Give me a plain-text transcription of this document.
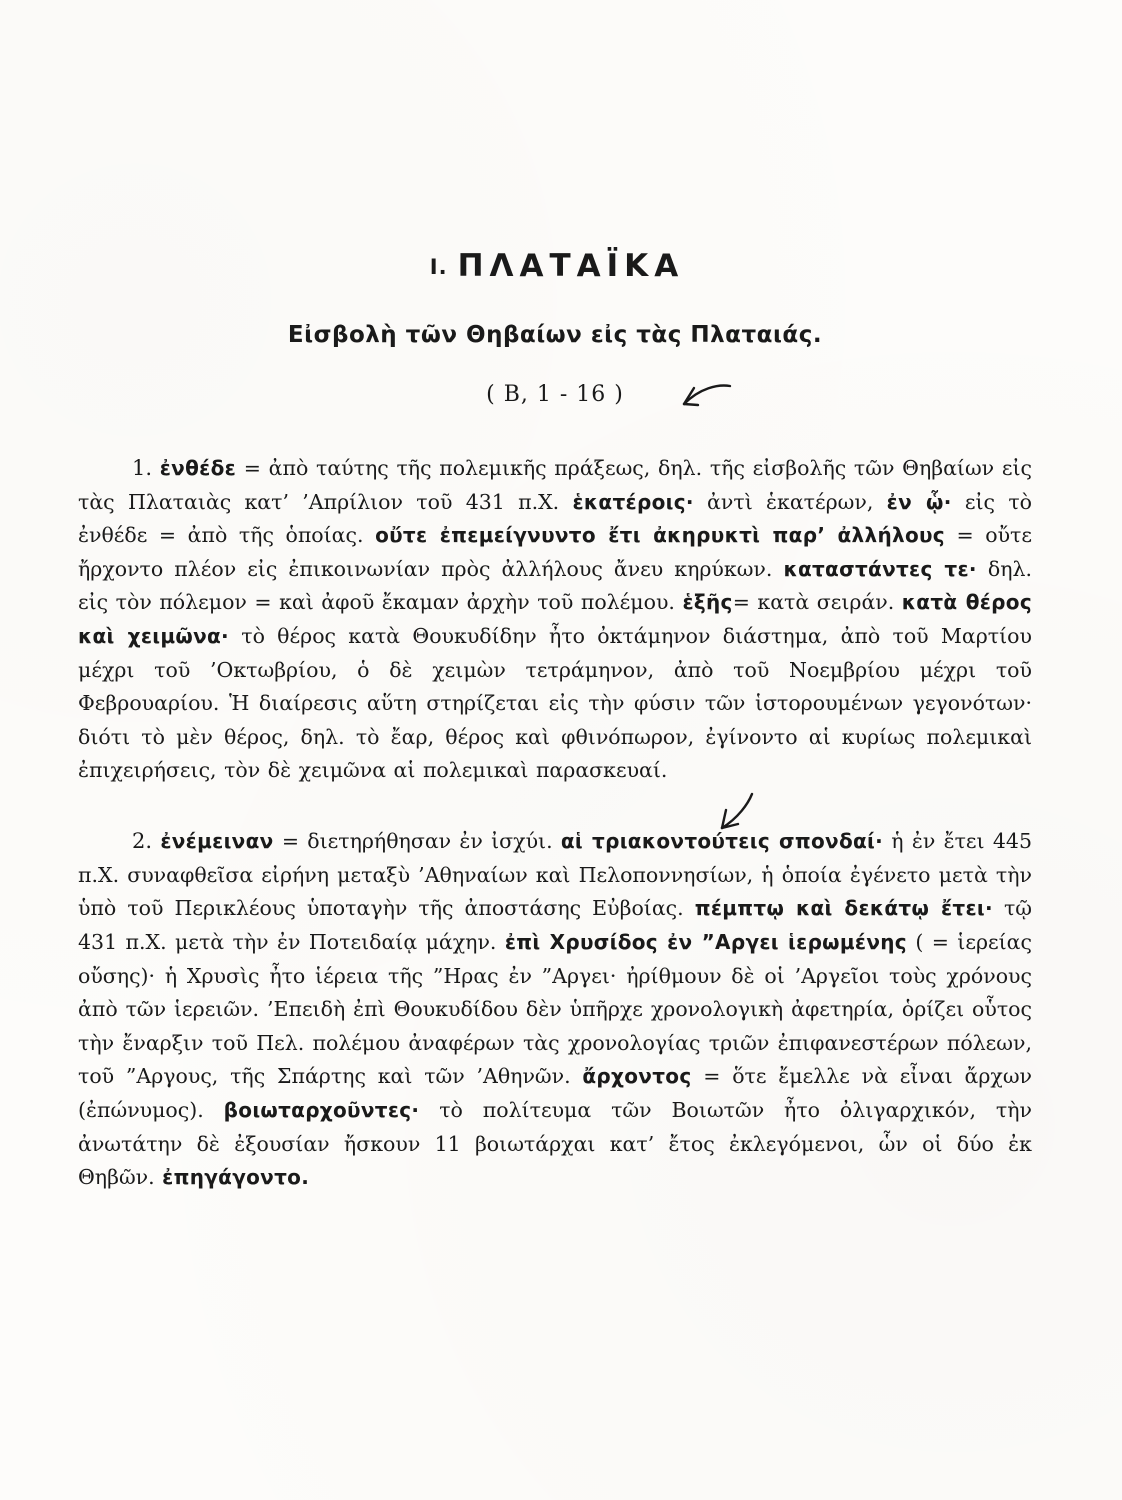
I. ΠΛΑΤΑΪΚΑ
Εἰσβολὴ τῶν Θηβαίων εἰς τὰς Πλαταιάς.
( Β, 1 - 16 )

1. ἐνθέδε = ἀπὸ ταύτης τῆς πολεμικῆς πράξεως, δηλ. τῆς εἰσβολῆς τῶν Θηβαίων εἰς τὰς Πλαταιὰς κατ’ ’Απρίλιον τοῦ 431 π.Χ. ἑκατέροις· ἀντὶ ἑκατέρων, ἐν ᾧ· εἰς τὸ ἐνθέδε = ἀπὸ τῆς ὁποίας. οὔτε ἐπεμείγνυντο ἔτι ἀκηρυκτὶ παρ’ ἀλλήλους = οὔτε ἤρχοντο πλέον εἰς ἐπικοινωνίαν πρὸς ἀλλήλους ἄνευ κηρύκων. καταστάντες τε· δηλ. εἰς τὸν πόλεμον = καὶ ἀφοῦ ἔκαμαν ἀρχὴν τοῦ πολέμου. ἑξῆς= κατὰ σειράν. κατὰ θέρος καὶ χειμῶνα· τὸ θέρος κατὰ Θουκυδίδην ἦτο ὀκτάμηνον διάστημα, ἀπὸ τοῦ Μαρτίου μέχρι τοῦ ’Οκτωβρίου, ὁ δὲ χειμὼν τετράμηνον, ἀπὸ τοῦ Νοεμβρίου μέχρι τοῦ Φεβρουαρίου. Ἡ διαίρεσις αὕτη στηρίζεται εἰς τὴν φύσιν τῶν ἱστορουμένων γεγονότων· διότι τὸ μὲν θέρος, δηλ. τὸ ἔαρ, θέρος καὶ φθινόπωρον, ἐγίνοντο αἱ κυρίως πολεμικαὶ ἐπιχειρήσεις, τὸν δὲ χειμῶνα αἱ πολεμικαὶ παρασκευαί.

2. ἐνέμειναν = διετηρήθησαν ἐν ἰσχύι. αἱ τριακοντούτεις σπονδαί· ἡ ἐν ἔτει 445 π.Χ. συναφθεῖσα εἰρήνη μεταξὺ ’Αθηναίων καὶ Πελοποννησίων, ἡ ὁποία ἐγένετο μετὰ τὴν ὑπὸ τοῦ Περικλέους ὑποταγὴν τῆς ἀποστάσης Εὐβοίας. πέμπτῳ καὶ δεκάτῳ ἔτει· τῷ 431 π.Χ. μετὰ τὴν ἐν Ποτειδαίᾳ μάχην. ἐπὶ Χρυσίδος ἐν ”Αργει ἱερωμένης ( = ἱερείας οὔσης)· ἡ Χρυσὶς ἦτο ἱέρεια τῆς ”Ηρας ἐν ”Αργει· ἠρίθμουν δὲ οἱ ’Αργεῖοι τοὺς χρόνους ἀπὸ τῶν ἱερειῶν. ’Επειδὴ ἐπὶ Θουκυδίδου δὲν ὑπῆρχε χρονολογικὴ ἀφετηρία, ὁρίζει οὗτος τὴν ἔναρξιν τοῦ Πελ. πολέμου ἀναφέρων τὰς χρονολογίας τριῶν ἐπιφανεστέρων πόλεων, τοῦ ”Αργους, τῆς Σπάρτης καὶ τῶν ’Αθηνῶν. ἄρχοντος = ὅτε ἔμελλε νὰ εἶναι ἄρχων (ἐπώνυμος). βοιωταρχοῦντες· τὸ πολίτευμα τῶν Βοιωτῶν ἦτο ὀλιγαρχικόν, τὴν ἀνωτάτην δὲ ἐξουσίαν ἤσκουν 11 βοιωτάρχαι κατ’ ἔτος ἐκλεγόμενοι, ὧν οἱ δύο ἐκ Θηβῶν. ἐπηγάγοντο.
